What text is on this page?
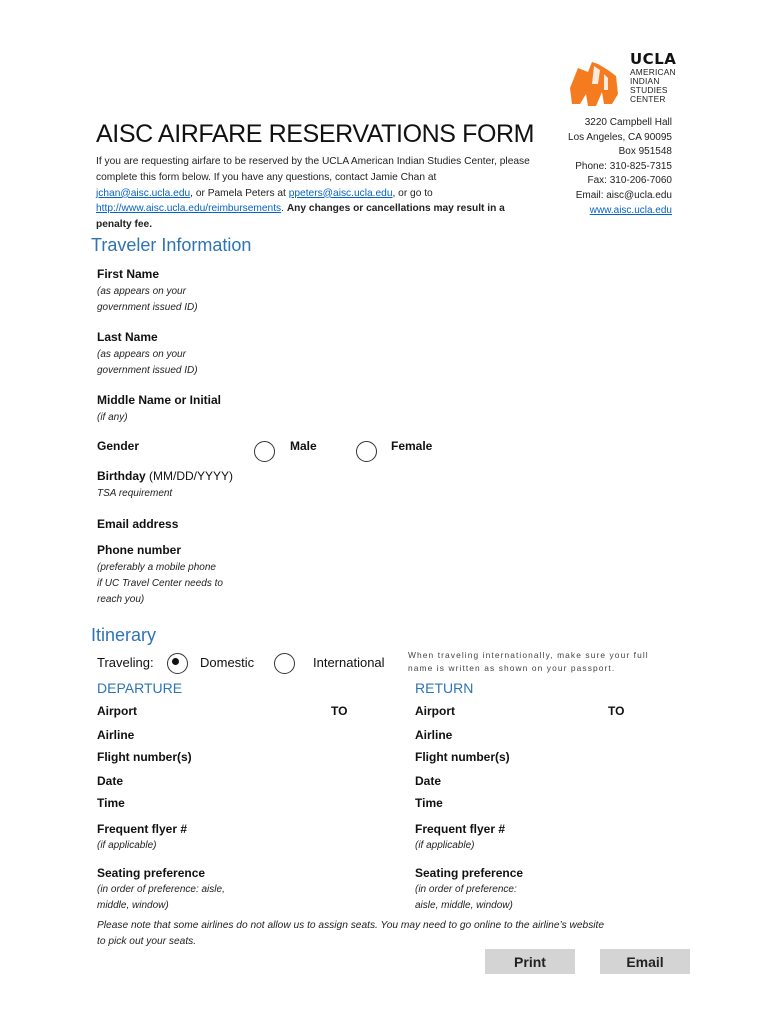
UCLA
AMERICAN
INDIAN
STUDIES
CENTER
3220 Campbell Hall
Los Angeles, CA 90095
Box 951548
Phone: 310-825-7315
Fax: 310-206-7060
Email: aisc@ucla.edu
www.aisc.ucla.edu
AISC AIRFARE RESERVATIONS FORM
If you are requesting airfare to be reserved by the UCLA American Indian Studies Center, please complete this form below. If you have any questions, contact Jamie Chan at jchan@aisc.ucla.edu, or Pamela Peters at ppeters@aisc.ucla.edu, or go to http://www.aisc.ucla.edu/reimbursements. Any changes or cancellations may result in a penalty fee.
Traveler Information
First Name
(as appears on your
government issued ID)
Last Name
(as appears on your
government issued ID)
Middle Name or Initial
(if any)
Gender	Male	Female
Birthday (MM/DD/YYYY)
TSA requirement
Email address
Phone number
(preferably a mobile phone
if UC Travel Center needs to
reach you)
Itinerary
Traveling:	Domestic	International	When traveling internationally, make sure your full name is written as shown on your passport.
DEPARTURE
Airport	TO
Airline
Flight number(s)
Date
Time
Frequent flyer #
(if applicable)
Seating preference
(in order of preference: aisle,
middle, window)
RETURN
Airport	TO
Airline
Flight number(s)
Date
Time
Frequent flyer #
(if applicable)
Seating preference
(in order of preference:
aisle, middle, window)
Please note that some airlines do not allow us to assign seats. You may need to go online to the airline’s website
to pick out your seats.
Print	Email
